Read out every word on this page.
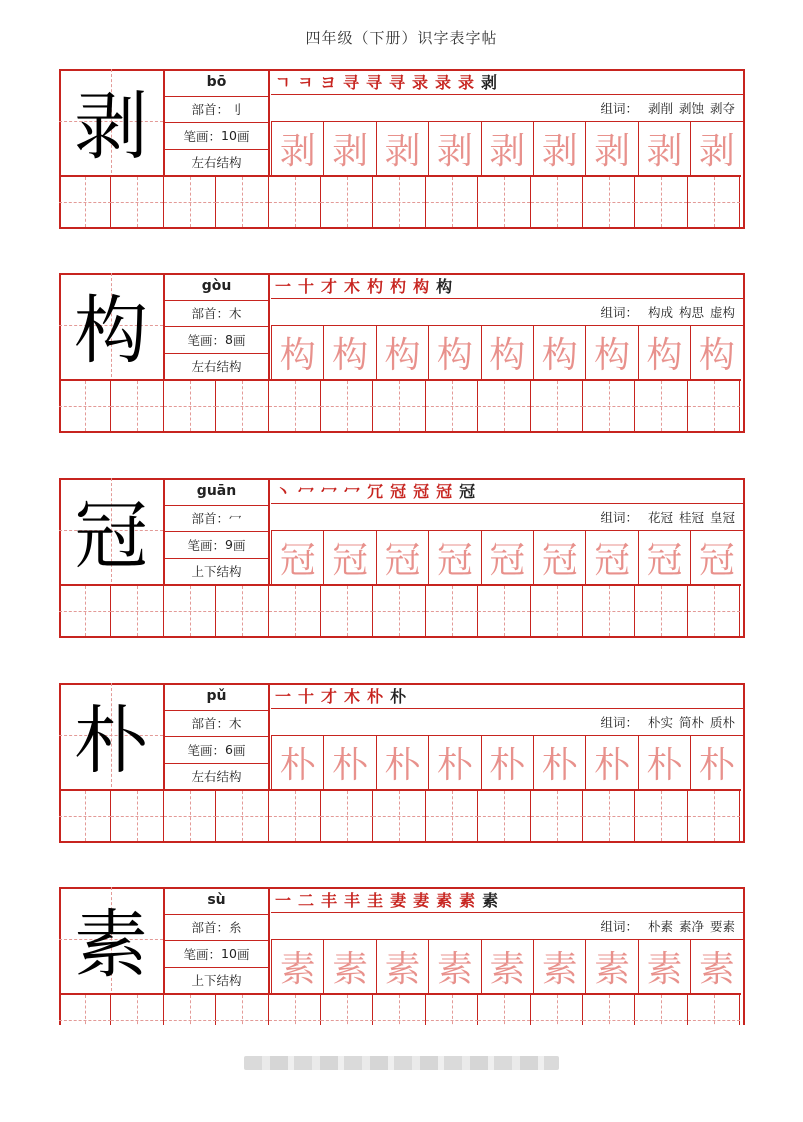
四年级（下册）识字表字帖
剥
bō
部首： 刂
笔画： 10 画
左右结构
ㄱ ㅋ ヨ 寻 寻 寻 录 录 录 剥
组词： 剥削 剥蚀 剥夺
剥 剥 剥 剥 剥 剥 剥 剥 剥
构
gòu
部首： 木
笔画： 8 画
左右结构
一 十 才 木 杓 杓 构 构
组词： 构成 构思 虚构
构 构 构 构 构 构 构 构 构
冠
guān
部首： 冖
笔画： 9 画
上下结构
丶 冖 冖 冖 冗 冠 冠 冠 冠
组词： 花冠 桂冠 皇冠
冠 冠 冠 冠 冠 冠 冠 冠 冠
朴
pǔ
部首： 木
笔画： 6 画
左右结构
一 十 才 木 朴 朴
组词： 朴实 简朴 质朴
朴 朴 朴 朴 朴 朴 朴 朴 朴
素
sù
部首： 糸
笔画： 10 画
上下结构
一 二 丰 丰 圭 妻 妻 素 素 素
组词： 朴素 素净 要素
素 素 素 素 素 素 素 素 素
